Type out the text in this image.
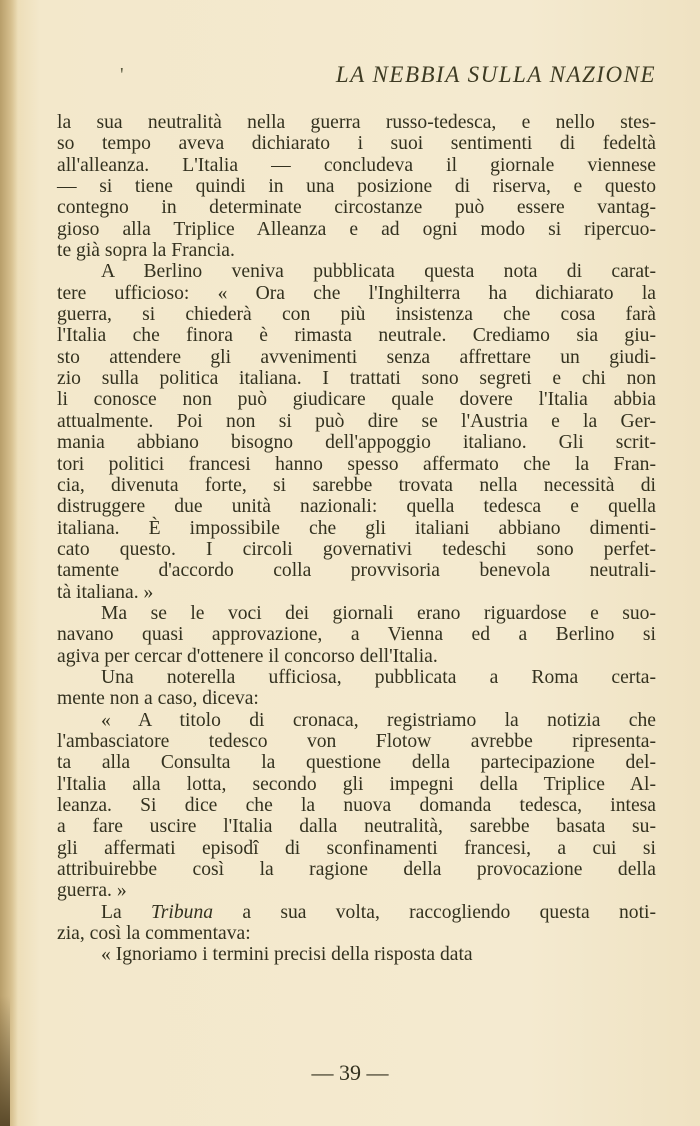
'	LA NEBBIA SULLA NAZIONE
la sua neutralità nella guerra russo-tedesca, e nello stes-
so tempo aveva dichiarato i suoi sentimenti di fedeltà
all'alleanza. L'Italia — concludeva il giornale viennese
— si tiene quindi in una posizione di riserva, e questo
contegno in determinate circostanze può essere vantag-
gioso alla Triplice Alleanza e ad ogni modo si ripercuo-
te già sopra la Francia.
A Berlino veniva pubblicata questa nota di carat-
tere ufficioso: « Ora che l'Inghilterra ha dichiarato la
guerra, si chiederà con più insistenza che cosa farà
l'Italia che finora è rimasta neutrale. Crediamo sia giu-
sto attendere gli avvenimenti senza affrettare un giudi-
zio sulla politica italiana. I trattati sono segreti e chi non
li conosce non può giudicare quale dovere l'Italia abbia
attualmente. Poi non si può dire se l'Austria e la Ger-
mania abbiano bisogno dell'appoggio italiano. Gli scrit-
tori politici francesi hanno spesso affermato che la Fran-
cia, divenuta forte, si sarebbe trovata nella necessità di
distruggere due unità nazionali: quella tedesca e quella
italiana. È impossibile che gli italiani abbiano dimenti-
cato questo. I circoli governativi tedeschi sono perfet-
tamente d'accordo colla provvisoria benevola neutrali-
tà italiana. »
Ma se le voci dei giornali erano riguardose e suo-
navano quasi approvazione, a Vienna ed a Berlino si
agiva per cercar d'ottenere il concorso dell'Italia.
Una noterella ufficiosa, pubblicata a Roma certa-
mente non a caso, diceva:
« A titolo di cronaca, registriamo la notizia che
l'ambasciatore tedesco von Flotow avrebbe ripresenta-
ta alla Consulta la questione della partecipazione del-
l'Italia alla lotta, secondo gli impegni della Triplice Al-
leanza. Si dice che la nuova domanda tedesca, intesa
a fare uscire l'Italia dalla neutralità, sarebbe basata su-
gli affermati episodî di sconfinamenti francesi, a cui si
attribuirebbe così la ragione della provocazione della
guerra. »
La Tribuna a sua volta, raccogliendo questa noti-
zia, così la commentava:
« Ignoriamo i termini precisi della risposta data
— 39 —
